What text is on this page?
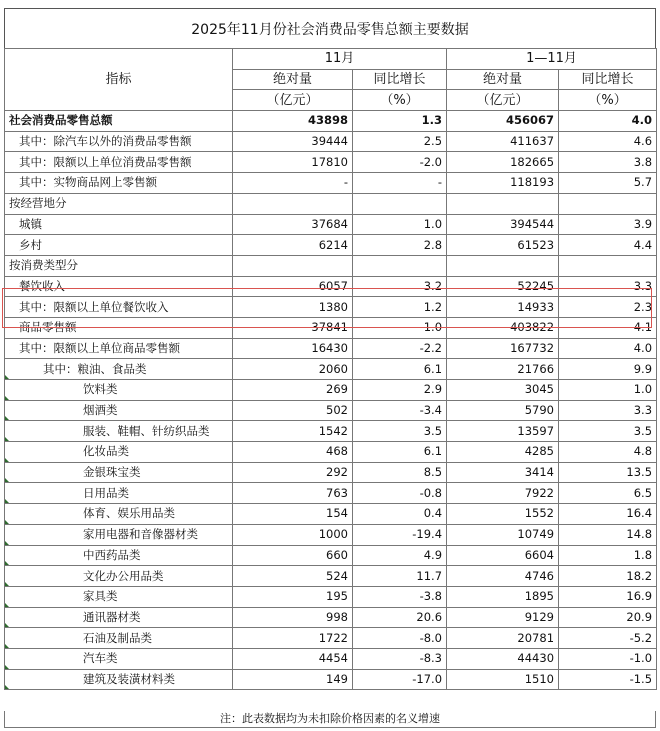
2025年11月份社会消费品零售总额主要数据
指标	11月		1—11月	
	绝对量	同比增长	绝对量	同比增长
	（亿元）	（%）	（亿元）	（%）
社会消费品零售总额	43898	1.3	456067	4.0
其中：除汽车以外的消费品零售额	39444	2.5	411637	4.6
其中：限额以上单位消费品零售额	17810	-2.0	182665	3.8
其中：实物商品网上零售额	-	-	118193	5.7
按经营地分				
城镇	37684	1.0	394544	3.9
乡村	6214	2.8	61523	4.4
按消费类型分				
餐饮收入	6057	3.2	52245	3.3
其中：限额以上单位餐饮收入	1380	1.2	14933	2.3
商品零售额	37841	1.0	403822	4.1
其中：限额以上单位商品零售额	16430	-2.2	167732	4.0
其中：粮油、食品类	2060	6.1	21766	9.9
饮料类	269	2.9	3045	1.0
烟酒类	502	-3.4	5790	3.3
服装、鞋帽、针纺织品类	1542	3.5	13597	3.5
化妆品类	468	6.1	4285	4.8
金银珠宝类	292	8.5	3414	13.5
日用品类	763	-0.8	7922	6.5
体育、娱乐用品类	154	0.4	1552	16.4
家用电器和音像器材类	1000	-19.4	10749	14.8
中西药品类	660	4.9	6604	1.8
文化办公用品类	524	11.7	4746	18.2
家具类	195	-3.8	1895	16.9
通讯器材类	998	20.6	9129	20.9
石油及制品类	1722	-8.0	20781	-5.2
汽车类	4454	-8.3	44430	-1.0
建筑及装潢材料类	149	-17.0	1510	-1.5
注：此表数据均为未扣除价格因素的名义增速
